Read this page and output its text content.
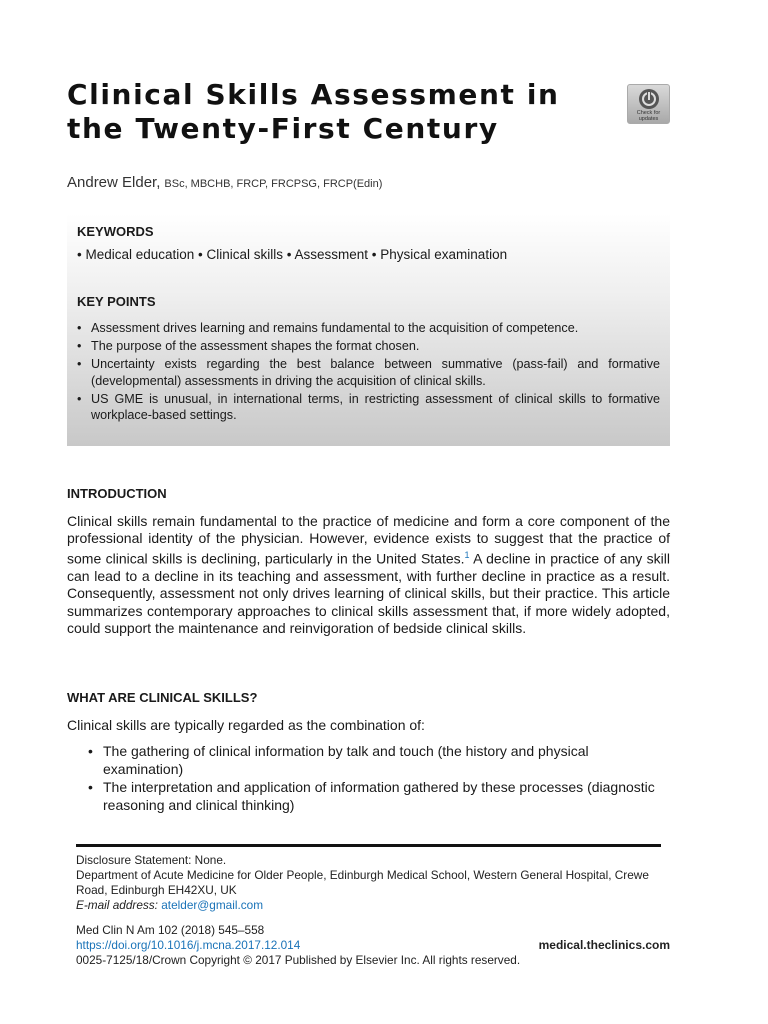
Clinical Skills Assessment in the Twenty-First Century	Check for
updates
Andrew Elder, BSc, MBCHB, FRCP, FRCPSG, FRCP(Edin)
KEYWORDS
• Medical education • Clinical skills • Assessment • Physical examination
KEY POINTS
• Assessment drives learning and remains fundamental to the acquisition of competence.
• The purpose of the assessment shapes the format chosen.
• Uncertainty exists regarding the best balance between summative (pass-fail) and formative (developmental) assessments in driving the acquisition of clinical skills.
• US GME is unusual, in international terms, in restricting assessment of clinical skills to formative workplace-based settings.
INTRODUCTION

Clinical skills remain fundamental to the practice of medicine and form a core component of the professional identity of the physician. However, evidence exists to suggest that the practice of some clinical skills is declining, particularly in the United States.$^1$ A decline in practice of any skill can lead to a decline in its teaching and assessment, with further decline in practice as a result. Consequently, assessment not only drives learning of clinical skills, but their practice. This article summarizes contemporary approaches to clinical skills assessment that, if more widely adopted, could support the maintenance and reinvigoration of bedside clinical skills.

WHAT ARE CLINICAL SKILLS?

Clinical skills are typically regarded as the combination of:

• The gathering of clinical information by talk and touch (the history and physical examination)
• The interpretation and application of information gathered by these processes (diagnostic reasoning and clinical thinking)
Disclosure Statement: None.
Department of Acute Medicine for Older People, Edinburgh Medical School, Western General Hospital, Crewe Road, Edinburgh EH42XU, UK
E-mail address: atelder@gmail.com
Med Clin N Am 102 (2018) 545–558
https://doi.org/10.1016/j.mcna.2017.12.014	medical.theclinics.com
0025-7125/18/Crown Copyright © 2017 Published by Elsevier Inc. All rights reserved.
